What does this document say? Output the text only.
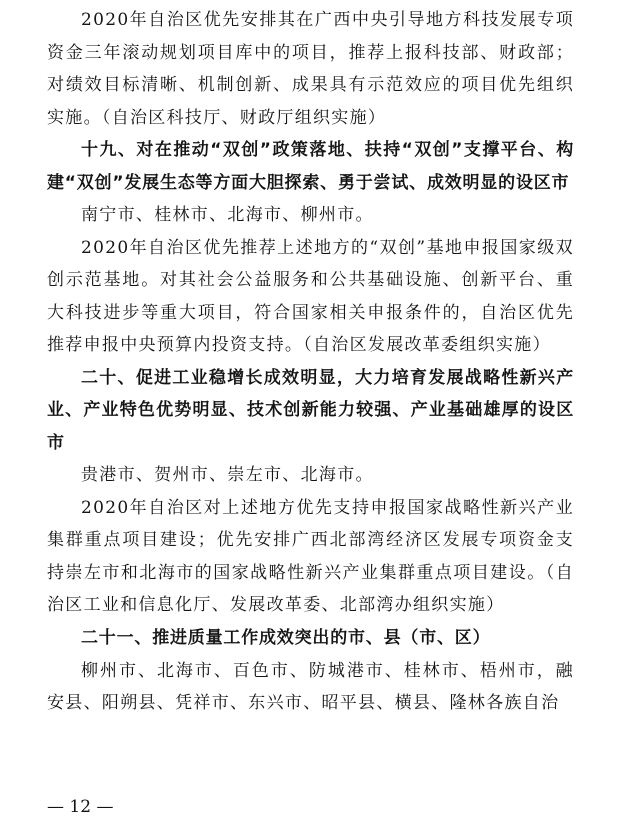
2020年自治区优先安排其在广西中央引导地方科技发展专项资金三年滚动规划项目库中的项目，推荐上报科技部、财政部；对绩效目标清晰、机制创新、成果具有示范效应的项目优先组织实施。（自治区科技厅、财政厅组织实施）

十九、对在推动“双创”政策落地、扶持“双创”支撑平台、构建“双创”发展生态等方面大胆探索、勇于尝试、成效明显的设区市

南宁市、桂林市、北海市、柳州市。

2020年自治区优先推荐上述地方的“双创”基地申报国家级双创示范基地。对其社会公益服务和公共基础设施、创新平台、重大科技进步等重大项目，符合国家相关申报条件的，自治区优先推荐申报中央预算内投资支持。（自治区发展改革委组织实施）

二十、促进工业稳增长成效明显，大力培育发展战略性新兴产业、产业特色优势明显、技术创新能力较强、产业基础雄厚的设区市

贵港市、贺州市、崇左市、北海市。

2020年自治区对上述地方优先支持申报国家战略性新兴产业集群重点项目建设；优先安排广西北部湾经济区发展专项资金支持崇左市和北海市的国家战略性新兴产业集群重点项目建设。（自治区工业和信息化厅、发展改革委、北部湾办组织实施）

二十一、推进质量工作成效突出的市、县（市、区）

柳州市、北海市、百色市、防城港市、桂林市、梧州市，融安县、阳朔县、凭祥市、东兴市、昭平县、横县、隆林各族自治

— 12 —
